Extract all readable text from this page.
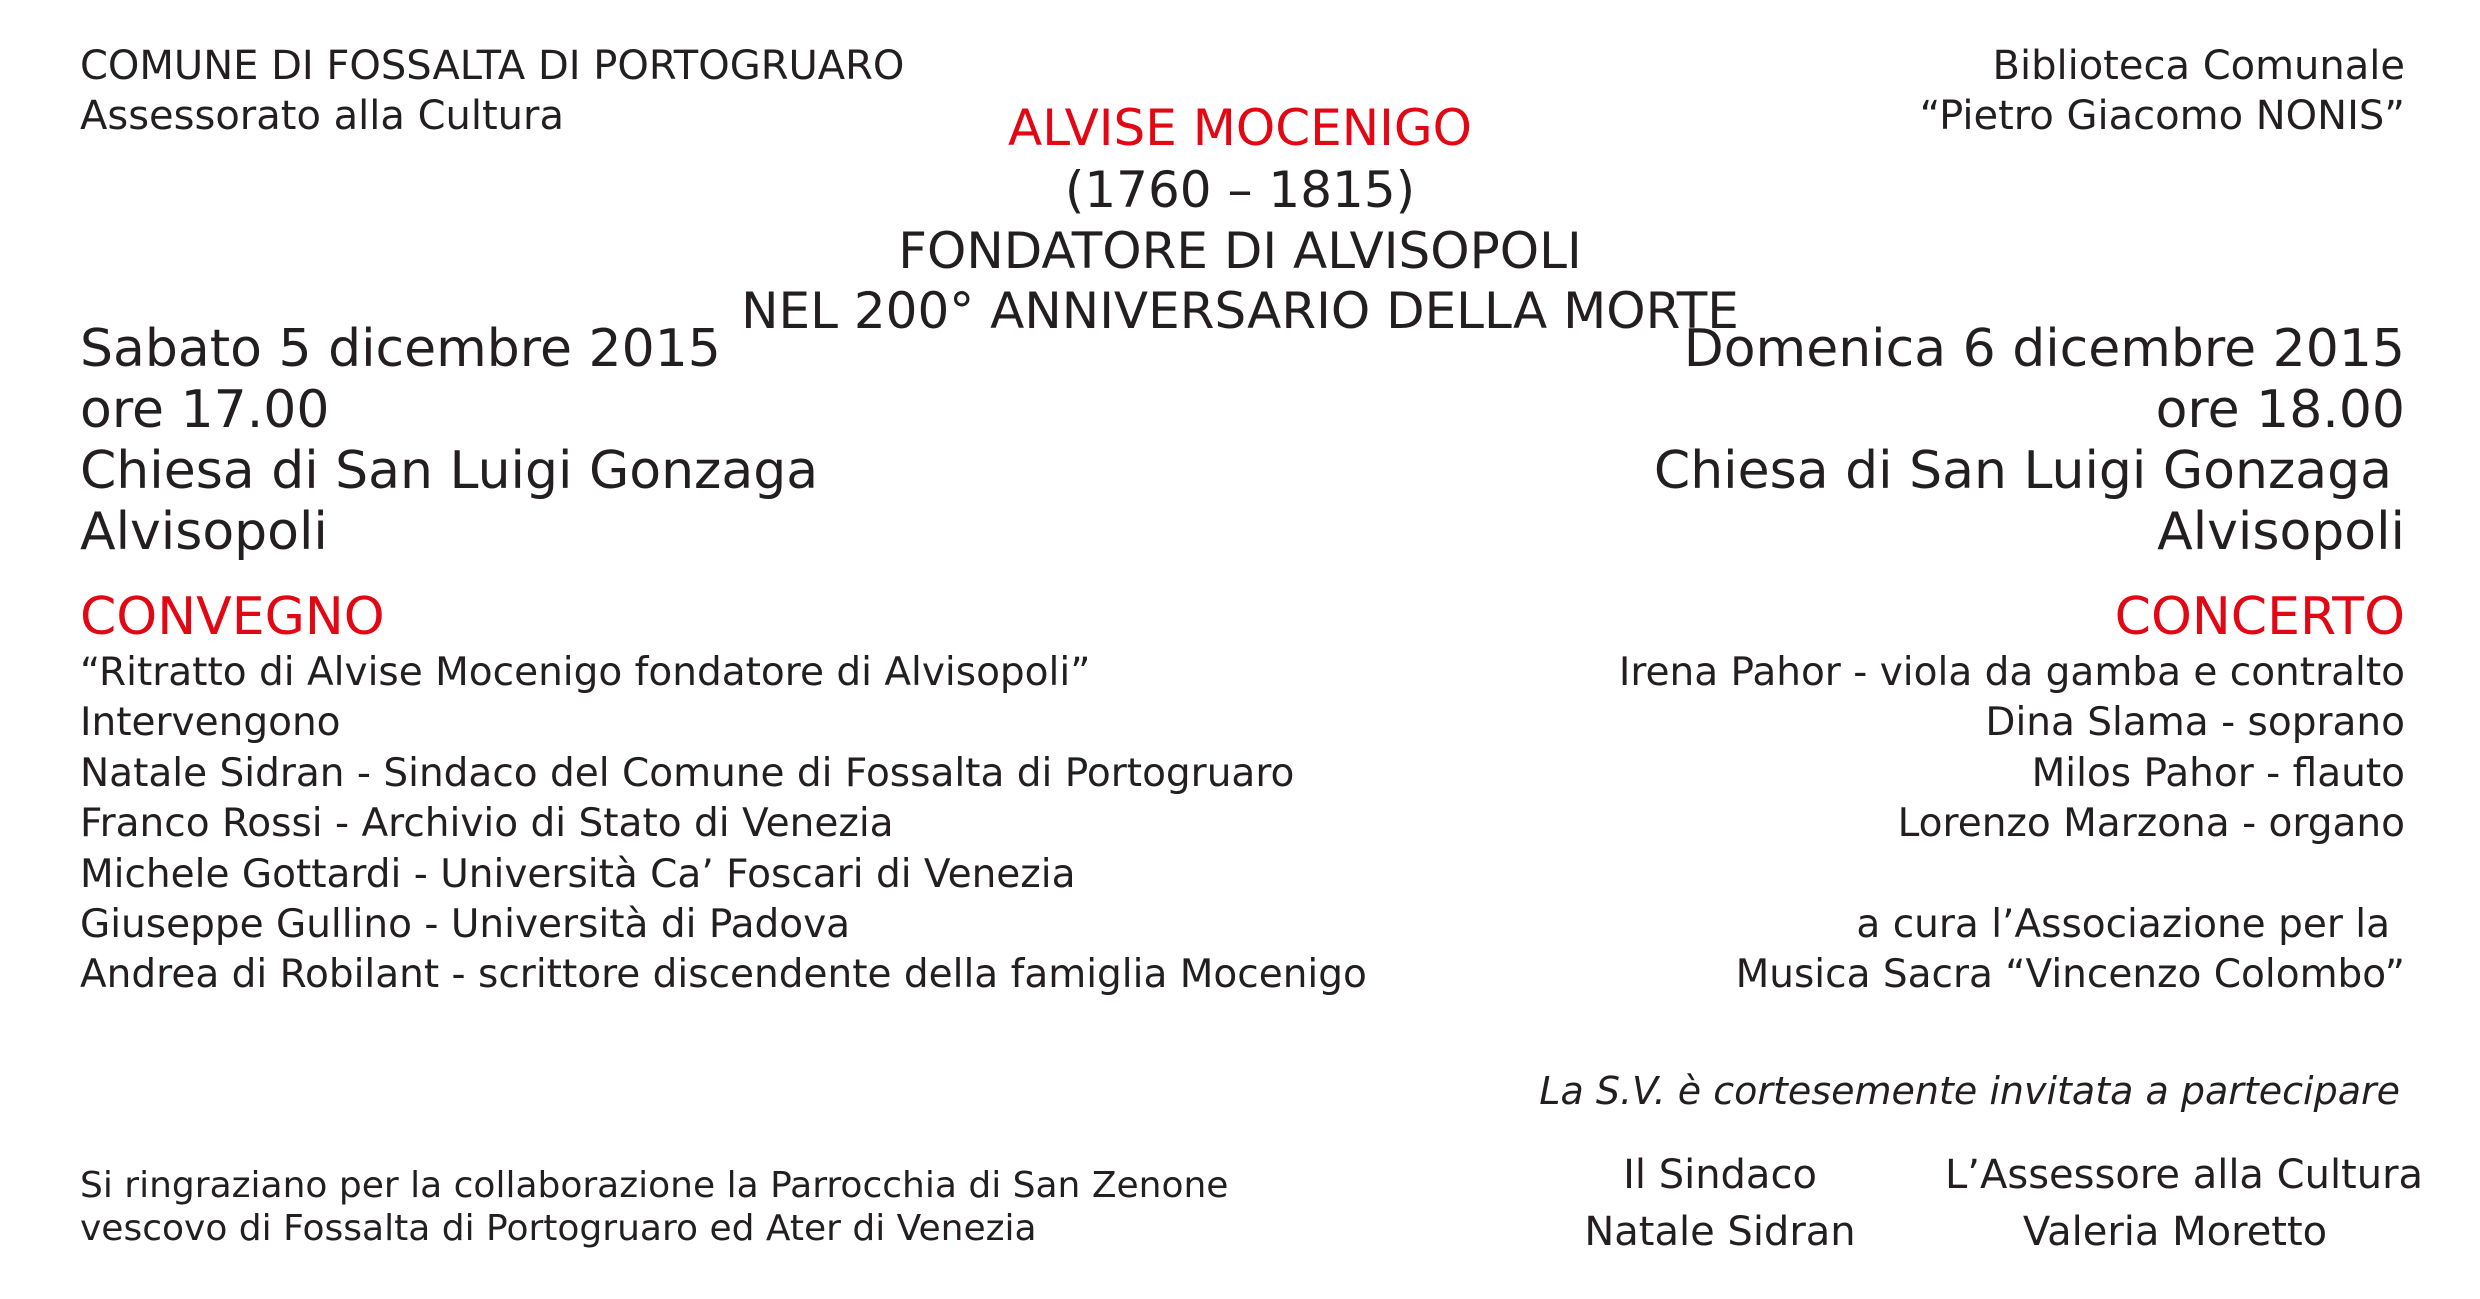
COMUNE DI FOSSALTA DI PORTOGRUARO
Assessorato alla Cultura
Biblioteca Comunale
“Pietro Giacomo NONIS”
ALVISE MOCENIGO
(1760 – 1815)
FONDATORE DI ALVISOPOLI
NEL 200° ANNIVERSARIO DELLA MORTE
Sabato 5 dicembre 2015
ore 17.00
Chiesa di San Luigi Gonzaga
Alvisopoli
Domenica 6 dicembre 2015
ore 18.00
Chiesa di San Luigi Gonzaga
Alvisopoli
CONVEGNO
“Ritratto di Alvise Mocenigo fondatore di Alvisopoli”
Intervengono
Natale Sidran - Sindaco del Comune di Fossalta di Portogruaro
Franco Rossi - Archivio di Stato di Venezia
Michele Gottardi - Università Ca’ Foscari di Venezia
Giuseppe Gullino - Università di Padova
Andrea di Robilant - scrittore discendente della famiglia Mocenigo
CONCERTO
Irena Pahor - viola da gamba e contralto
Dina Slama - soprano
Milos Pahor - flauto
Lorenzo Marzona - organo
a cura l’Associazione per la
Musica Sacra “Vincenzo Colombo”
Si ringraziano per la collaborazione la Parrocchia di San Zenone
vescovo di Fossalta di Portogruaro ed Ater di Venezia
La S.V. è cortesemente invitata a partecipare
Il Sindaco
Natale Sidran
L’Assessore alla Cultura
Valeria Moretto
